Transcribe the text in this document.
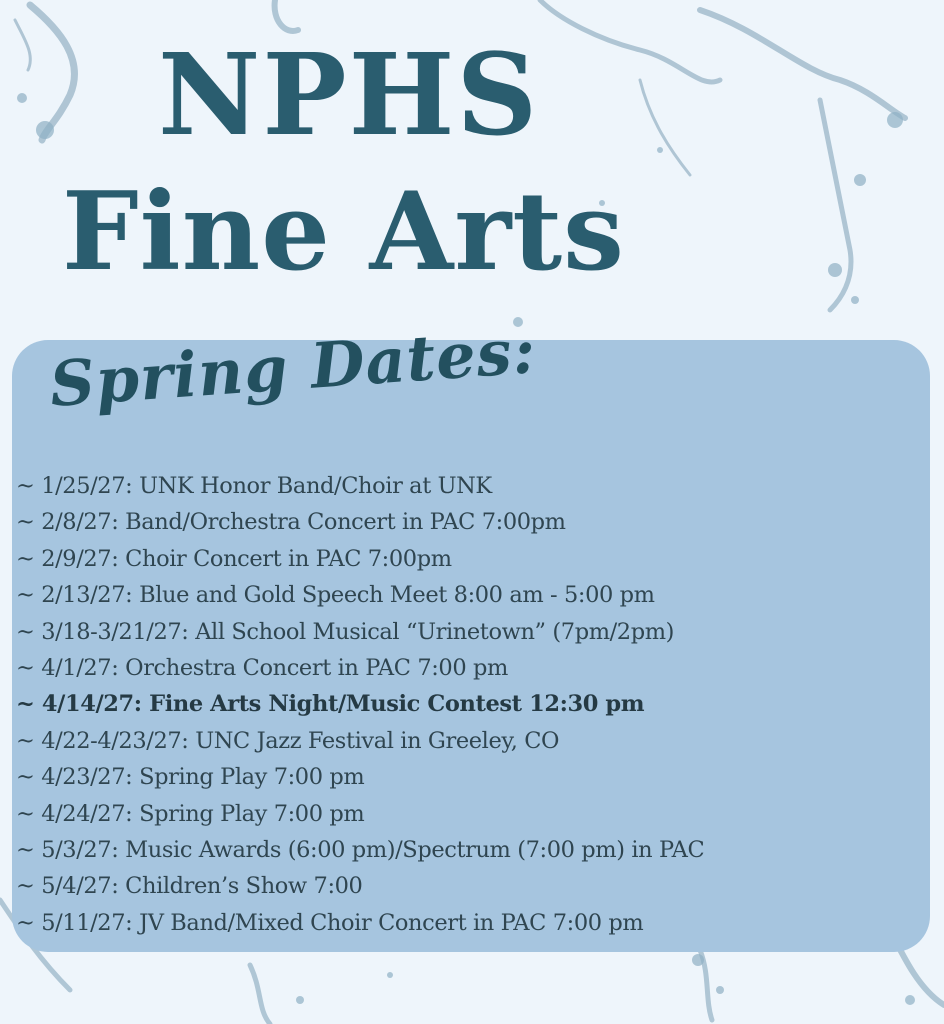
NPHS
Fine Arts
Spring Dates:
~ 1/25/27: UNK Honor Band/Choir at UNK
~ 2/8/27: Band/Orchestra Concert in PAC 7:00pm
~ 2/9/27: Choir Concert in PAC 7:00pm
~ 2/13/27: Blue and Gold Speech Meet 8:00 am - 5:00 pm
~ 3/18-3/21/27: All School Musical “Urinetown” (7pm/2pm)
~ 4/1/27: Orchestra Concert in PAC 7:00 pm
~ 4/14/27: Fine Arts Night/Music Contest 12:30 pm
~ 4/22-4/23/27: UNC Jazz Festival in Greeley, CO
~ 4/23/27: Spring Play 7:00 pm
~ 4/24/27: Spring Play 7:00 pm
~ 5/3/27: Music Awards (6:00 pm)/Spectrum (7:00 pm) in PAC
~ 5/4/27: Children’s Show 7:00
~ 5/11/27: JV Band/Mixed Choir Concert in PAC 7:00 pm
